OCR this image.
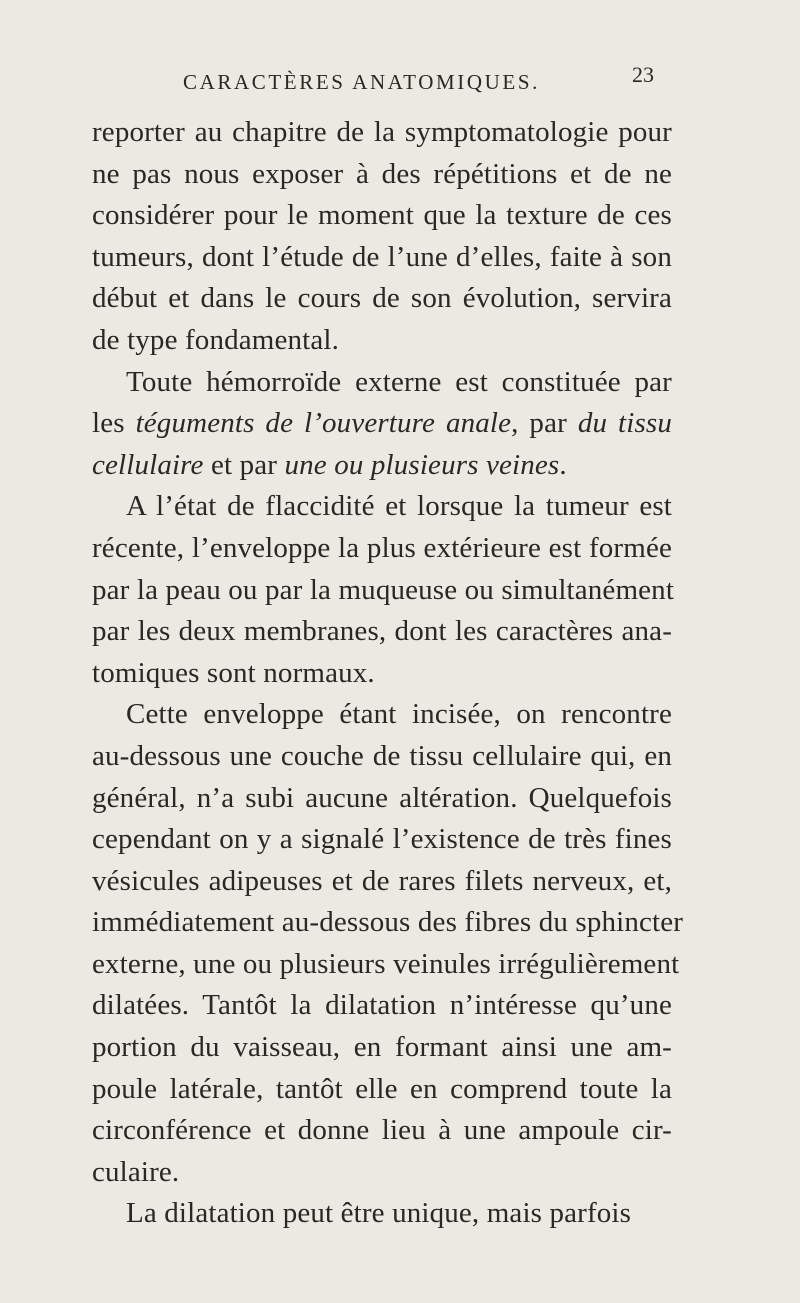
CARACTÈRES ANATOMIQUES.	23
reporter au chapitre de la symptomatologie pour
ne pas nous exposer à des répétitions et de ne
considérer pour le moment que la texture de ces
tumeurs, dont l’étude de l’une d’elles, faite à son
début et dans le cours de son évolution, servira
de type fondamental.
Toute hémorroïde externe est constituée par
les téguments de l’ouverture anale, par du tissu
cellulaire et par une ou plusieurs veines.
A l’état de flaccidité et lorsque la tumeur est
récente, l’enveloppe la plus extérieure est formée
par la peau ou par la muqueuse ou simultanément
par les deux membranes, dont les caractères ana-
tomiques sont normaux.
Cette enveloppe étant incisée, on rencontre
au-dessous une couche de tissu cellulaire qui, en
général, n’a subi aucune altération. Quelquefois
cependant on y a signalé l’existence de très fines
vésicules adipeuses et de rares filets nerveux, et,
immédiatement au-dessous des fibres du sphincter
externe, une ou plusieurs veinules irrégulièrement
dilatées. Tantôt la dilatation n’intéresse qu’une
portion du vaisseau, en formant ainsi une am-
poule latérale, tantôt elle en comprend toute la
circonférence et donne lieu à une ampoule cir-
culaire.
La dilatation peut être unique, mais parfois
